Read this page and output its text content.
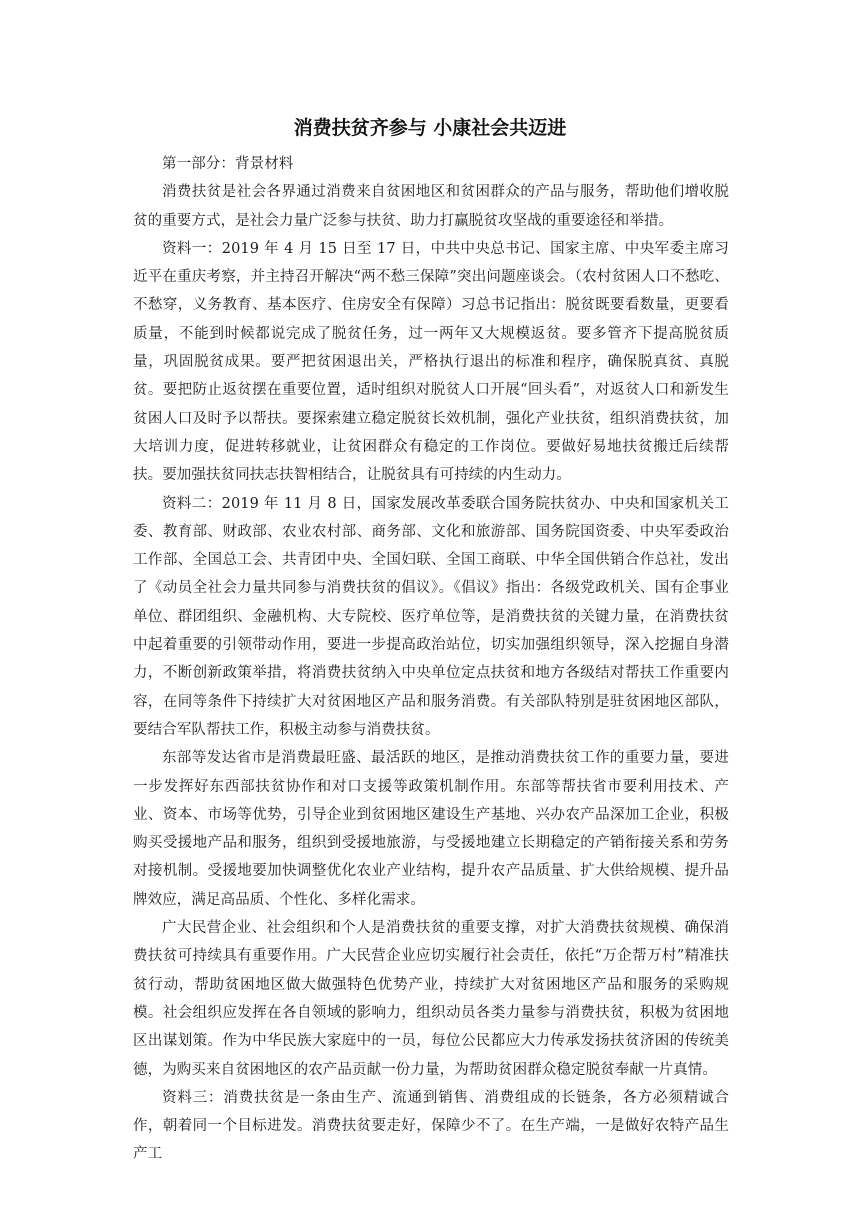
消费扶贫齐参与 小康社会共迈进

第一部分：背景材料

消费扶贫是社会各界通过消费来自贫困地区和贫困群众的产品与服务，帮助他们增收脱贫的重要方式，是社会力量广泛参与扶贫、助力打赢脱贫攻坚战的重要途径和举措。

资料一：2019 年 4 月 15 日至 17 日，中共中央总书记、国家主席、中央军委主席习近平在重庆考察，并主持召开解决“两不愁三保障”突出问题座谈会。（农村贫困人口不愁吃、不愁穿，义务教育、基本医疗、住房安全有保障）习总书记指出：脱贫既要看数量，更要看质量，不能到时候都说完成了脱贫任务，过一两年又大规模返贫。要多管齐下提高脱贫质量，巩固脱贫成果。要严把贫困退出关，严格执行退出的标准和程序，确保脱真贫、真脱贫。要把防止返贫摆在重要位置，适时组织对脱贫人口开展“回头看”，对返贫人口和新发生贫困人口及时予以帮扶。要探索建立稳定脱贫长效机制，强化产业扶贫，组织消费扶贫，加大培训力度，促进转移就业，让贫困群众有稳定的工作岗位。要做好易地扶贫搬迁后续帮扶。要加强扶贫同扶志扶智相结合，让脱贫具有可持续的内生动力。

资料二：2019 年 11 月 8 日，国家发展改革委联合国务院扶贫办、中央和国家机关工委、教育部、财政部、农业农村部、商务部、文化和旅游部、国务院国资委、中央军委政治工作部、全国总工会、共青团中央、全国妇联、全国工商联、中华全国供销合作总社，发出了《动员全社会力量共同参与消费扶贫的倡议》。《倡议》指出：各级党政机关、国有企事业单位、群团组织、金融机构、大专院校、医疗单位等，是消费扶贫的关键力量，在消费扶贫中起着重要的引领带动作用，要进一步提高政治站位，切实加强组织领导，深入挖掘自身潜力，不断创新政策举措，将消费扶贫纳入中央单位定点扶贫和地方各级结对帮扶工作重要内容，在同等条件下持续扩大对贫困地区产品和服务消费。有关部队特别是驻贫困地区部队，要结合军队帮扶工作，积极主动参与消费扶贫。

东部等发达省市是消费最旺盛、最活跃的地区，是推动消费扶贫工作的重要力量，要进一步发挥好东西部扶贫协作和对口支援等政策机制作用。东部等帮扶省市要利用技术、产业、资本、市场等优势，引导企业到贫困地区建设生产基地、兴办农产品深加工企业，积极购买受援地产品和服务，组织到受援地旅游，与受援地建立长期稳定的产销衔接关系和劳务对接机制。受援地要加快调整优化农业产业结构，提升农产品质量、扩大供给规模、提升品牌效应，满足高品质、个性化、多样化需求。

广大民营企业、社会组织和个人是消费扶贫的重要支撑，对扩大消费扶贫规模、确保消费扶贫可持续具有重要作用。广大民营企业应切实履行社会责任，依托“万企帮万村”精准扶贫行动，帮助贫困地区做大做强特色优势产业，持续扩大对贫困地区产品和服务的采购规模。社会组织应发挥在各自领域的影响力，组织动员各类力量参与消费扶贫，积极为贫困地区出谋划策。作为中华民族大家庭中的一员，每位公民都应大力传承发扬扶贫济困的传统美德，为购买来自贫困地区的农产品贡献一份力量，为帮助贫困群众稳定脱贫奉献一片真情。

资料三：消费扶贫是一条由生产、流通到销售、消费组成的长链条，各方必须精诚合作，朝着同一个目标进发。消费扶贫要走好，保障少不了。在生产端，一是做好农特产品生产工
